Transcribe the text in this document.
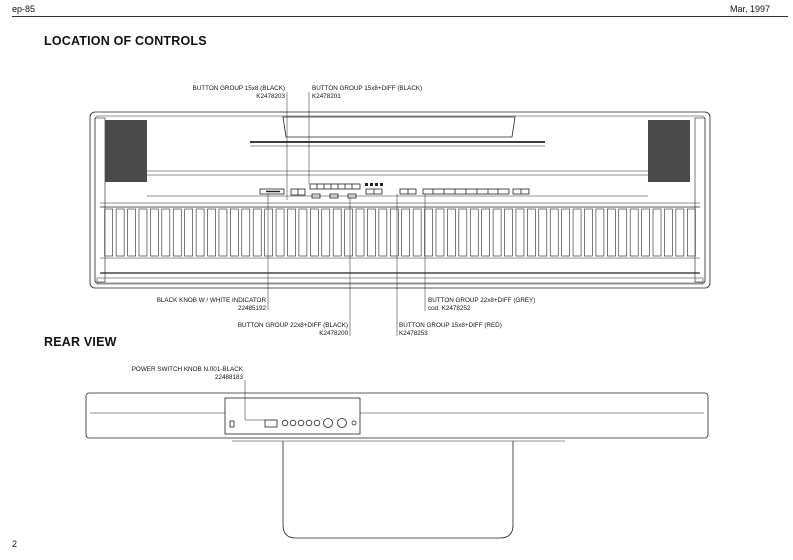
ep-85	Mar, 1997
LOCATION OF CONTROLS
REAR VIEW
BUTTON GROUP 15x8 (BLACK)
K2478203
BUTTON GROUP 15x8+DIFF (BLACK)
K2478201
BLACK KNOB W / WHITE INDICATOR
22485192
BUTTON GROUP 22x8+DIFF (GREY)
cod. K2478252
BUTTON GROUP 22x8+DIFF (BLACK)
K2478200
BUTTON GROUP 15x8+DIFF (RED)
K2478253
POWER SWITCH KNOB N.001-BLACK
22488183
2
